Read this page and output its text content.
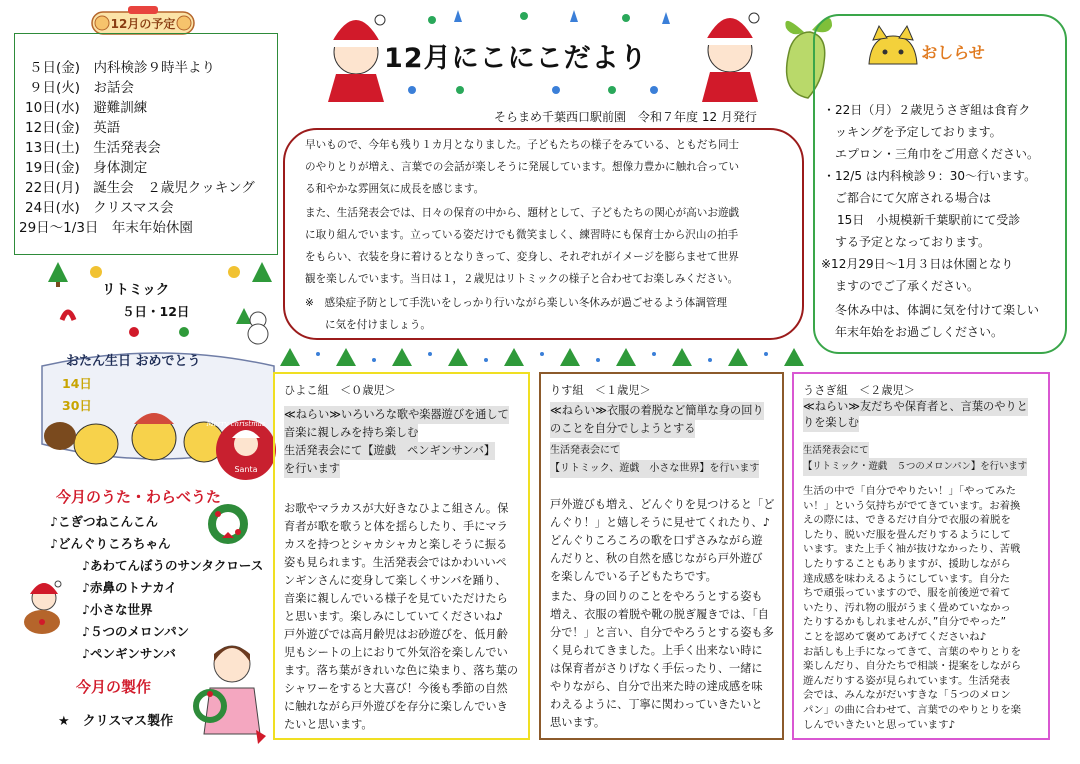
12月の予定
５日(金)　内科検診９時半より
９日(火)　お話会
10日(水)　避難訓練
12日(金)　英語
13日(土)　生活発表会
19日(金)　身体測定
22日(月)　誕生会　２歳児クッキング
24日(水)　クリスマス会
29日～1/3日　年末年始休園
リトミック
５日・12日
Santa
Merry christmas
おたん生日 おめでとう
14日
30日
今月のうた・わらべうた
♪こぎつねこんこん
♪どんぐりころちゃん
♪あわてんぼうのサンタクロース
♪赤鼻のトナカイ
♪小さな世界
♪５つのメロンパン
♪ペンギンサンバ
今月の製作
★　クリスマス製作
12月にこにこだより
そらまめ千葉西口駅前園　令和７年度 12 月発行
早いもので、今年も残り１カ月となりました。子どもたちの様子をみている、ともだち同士
のやりとりが増え、言葉での会話が楽しそうに発展しています。想像力豊かに触れ合ってい
る和やかな雰囲気に成長を感じます。
また、生活発表会では、日々の保育の中から、題材として、子どもたちの関心が高いお遊戯
に取り組んでいます。立っている姿だけでも微笑ましく、練習時にも保育士から沢山の拍手
をもらい、衣装を身に着けるとなりきって、変身し、それぞれがイメージを膨らませて世界
観を楽しんでいます。当日は１，２歳児はリトミックの様子と合わせてお楽しみください。
※　感染症予防として手洗いをしっかり行いながら楽しい冬休みが過ごせるよう体調管理
に気を付けましょう。
おしらせ
・22日（月）２歳児うさぎ組は食育ク
ッキングを予定しております。
エプロン・三角巾をご用意ください。
・12/5 は内科検診９：30～行います。
ご都合にて欠席される場合は
15日　小規模新千葉駅前にて受診
する予定となっております。
※12月29日～1月３日は休園となり
ますのでご了承ください。
冬休み中は、体調に気を付けて楽しい
年末年始をお過ごしください。
ひよこ組　＜０歳児＞
≪ねらい≫いろいろな歌や楽器遊びを通して
音楽に親しみを持ち楽しむ
生活発表会にて【遊戯　ペンギンサンバ】
を行います
お歌やマラカスが大好きなひよこ組さん。保
育者が歌を歌うと体を揺らしたり、手にマラ
カスを持つとシャカシャカと楽しそうに振る
姿も見られます。生活発表会ではかわいいペ
ンギンさんに変身して楽しくサンバを踊り、
音楽に親しんでいる様子を見ていただけたら
と思います。楽しみにしていてくださいね♪
戸外遊びでは高月齢児はお砂遊びを、低月齢
児もシートの上におりて外気浴を楽しんでい
ます。落ち葉がきれいな色に染まり、落ち葉の
シャワーをすると大喜び！今後も季節の自然
に触れながら戸外遊びを存分に楽しんでいき
たいと思います。
りす組　＜１歳児＞
≪ねらい≫衣服の着脱など簡単な身の回り
のことを自分でしようとする
生活発表会にて
【リトミック、遊戯　小さな世界】を行います
戸外遊びも増え、どんぐりを見つけると「ど
んぐり！」と嬉しそうに見せてくれたり、♪
どんぐりころころの歌を口ずさみながら遊
んだりと、秋の自然を感じながら戸外遊び
を楽しんでいる子どもたちです。
また、身の回りのことをやろうとする姿も
増え、衣服の着脱や靴の脱ぎ履きでは、「自
分で！」と言い、自分でやろうとする姿も多
く見られてきました。上手く出来ない時に
は保育者がさりげなく手伝ったり、一緒に
やりながら、自分で出来た時の達成感を味
わえるように、丁寧に関わっていきたいと
思います。
うさぎ組　＜２歳児＞
≪ねらい≫友だちや保育者と、言葉のやりと
りを楽しむ
生活発表会にて
【リトミック・遊戯　５つのメロンパン】を行います
生活の中で「自分でやりたい！」「やってみた
い！」という気持ちがでてきています。お着換
えの際には、できるだけ自分で衣服の着脱を
したり、脱いだ服を畳んだりするようにして
います。また上手く袖が抜けなかったり、苦戦
したりすることもありますが、援助しながら
達成感を味わえるようにしています。自分た
ちで頑張っていますので、服を前後逆で着て
いたり、汚れ物の服がうまく畳めていなかっ
たりするかもしれませんが、”自分でやった”
ことを認めて褒めてあげてくださいね♪
お話しも上手になってきて、言葉のやりとりを
楽しんだり、自分たちで相談・提案をしながら
遊んだりする姿が見られています。生活発表
会では、みんながだいすきな「５つのメロン
パン」の曲に合わせて、言葉でのやりとりを楽
しんでいきたいと思っています♪
